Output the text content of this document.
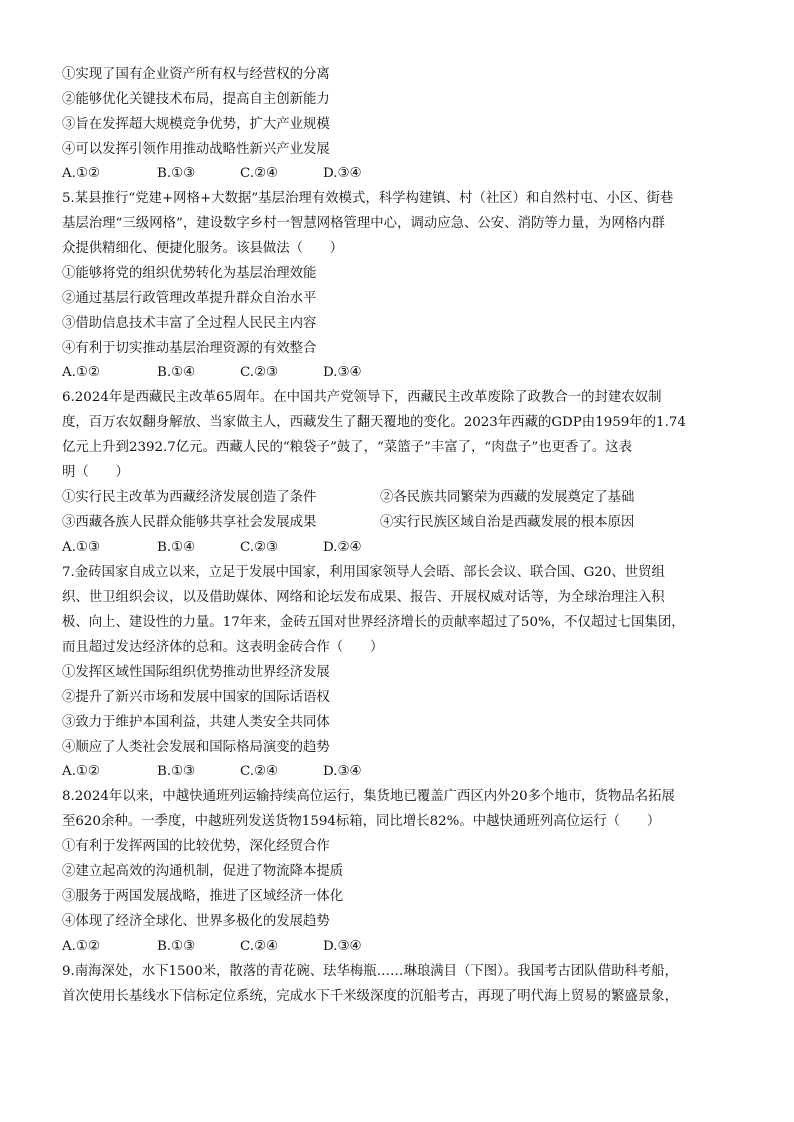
①实现了国有企业资产所有权与经营权的分离
②能够优化关键技术布局，提高自主创新能力
③旨在发挥超大规模竞争优势，扩大产业规模
④可以发挥引领作用推动战略性新兴产业发展
A.①②	B.①③	C.②④	D.③④
5.某县推行“党建+网格+大数据”基层治理有效模式，科学构建镇、村（社区）和自然村屯、小区、街巷
基层治理“三级网格”，建设数字乡村一智慧网格管理中心，调动应急、公安、消防等力量，为网格内群
众提供精细化、便捷化服务。该县做法（　　）
①能够将党的组织优势转化为基层治理效能
②通过基层行政管理改革提升群众自治水平
③借助信息技术丰富了全过程人民民主内容
④有利于切实推动基层治理资源的有效整合
A.①②	B.①④	C.②③	D.③④
6.2024年是西藏民主改革65周年。在中国共产党领导下，西藏民主改革废除了政教合一的封建农奴制
度，百万农奴翻身解放、当家做主人，西藏发生了翻天覆地的变化。2023年西藏的GDP由1959年的1.74
亿元上升到2392.7亿元。西藏人民的“粮袋子”鼓了，“菜篮子”丰富了，“肉盘子”也更香了。这表
明（　　）
①实行民主改革为西藏经济发展创造了条件	②各民族共同繁荣为西藏的发展奠定了基础
③西藏各族人民群众能够共享社会发展成果	④实行民族区域自治是西藏发展的根本原因
A.①③	B.①④	C.②③	D.②④
7.金砖国家自成立以来，立足于发展中国家，利用国家领导人会晤、部长会议、联合国、G20、世贸组
织、世卫组织会议，以及借助媒体、网络和论坛发布成果、报告、开展权威对话等，为全球治理注入积
极、向上、建设性的力量。17年来，金砖五国对世界经济增长的贡献率超过了50%，不仅超过七国集团，
而且超过发达经济体的总和。这表明金砖合作（　　）
①发挥区域性国际组织优势推动世界经济发展
②提升了新兴市场和发展中国家的国际话语权
③致力于维护本国利益，共建人类安全共同体
④顺应了人类社会发展和国际格局演变的趋势
A.①②	B.①③	C.②④	D.③④
8.2024年以来，中越快通班列运输持续高位运行，集货地已覆盖广西区内外20多个地市，货物品名拓展
至620余种。一季度，中越班列发送货物1594标箱，同比增长82%。中越快通班列高位运行（　　）
①有利于发挥两国的比较优势，深化经贸合作
②建立起高效的沟通机制，促进了物流降本提质
③服务于两国发展战略，推进了区域经济一体化
④体现了经济全球化、世界多极化的发展趋势
A.①②	B.①③	C.②④	D.③④
9.南海深处，水下1500米，散落的青花碗、珐华梅瓶……琳琅满目（下图）。我国考古团队借助科考船，
首次使用长基线水下信标定位系统，完成水下千米级深度的沉船考古，再现了明代海上贸易的繁盛景象，
